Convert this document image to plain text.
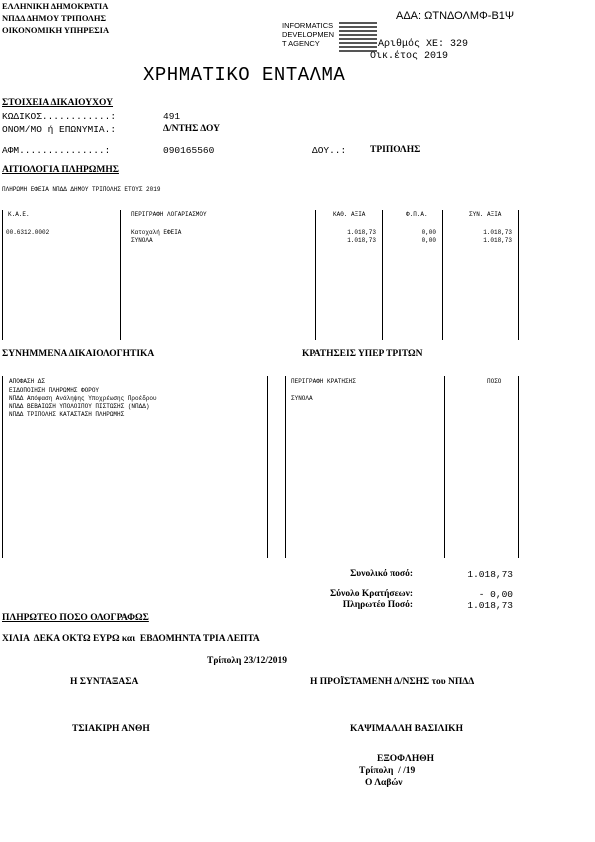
ΕΛΛΗΝΙΚΗ ΔΗΜΟΚΡΑΤΙΑ
ΝΠΔΔ ΔΗΜΟΥ ΤΡΙΠΟΛΗΣ
ΟΙΚΟΝΟΜΙΚΗ ΥΠΗΡΕΣΙΑ
ΑΔΑ: ΩΤΝΔΟΛΜΦ-Β1Ψ
INFORMATICS
DEVELOPMEN
T AGENCY	Αριθμός ΧΕ: 329
Οικ.έτος 2019
ΧΡΗΜΑΤΙΚΟ ΕΝΤΑΛΜΑ
ΣΤΟΙΧΕΙΑ ΔΙΚΑΙΟΥΧΟΥ
ΚΩΔΙΚΟΣ............:	491
ΟΝΟΜ/ΜΟ ή ΕΠΩΝΥΜΙΑ.:	Δ/ΝΤΗΣ ΔΟΥ
ΑΦΜ...............:	090165560	ΔΟΥ..:	ΤΡΙΠΟΛΗΣ
ΑΙΤΙΟΛΟΓΙΑ ΠΛΗΡΩΜΗΣ
ΠΛΗΡΩΜΗ ΕΦΕΙΑ ΝΠΔΔ ΔΗΜΟΥ ΤΡΙΠΟΛΗΣ ΕΤΟΥΣ 2019
Κ.Α.Ε.	ΠΕΡΙΓΡΑΦΗ ΛΟΓΑΡΙΑΣΜΟΥ	ΚΑΘ. ΑΞΙΑ	Φ.Π.Α.	ΣΥΝ. ΑΞΙΑ
00.6312.0002	Κατοχαλή ΕΦΕΙΑ	1.018,73	0,00	1.018,73
ΣΥΝΟΛΑ	1.018,73	0,00	1.018,73
ΣΥΝΗΜΜΕΝΑ ΔΙΚΑΙΟΛΟΓΗΤΙΚΑ	ΚΡΑΤΗΣΕΙΣ ΥΠΕΡ ΤΡΙΤΩΝ
ΑΠΟΦΑΣΗ ΔΣ
ΕΙΔΟΠΟΙΗΣΗ ΠΛΗΡΩΜΗΣ ΦΟΡΟΥ
ΝΠΔΔ Απόφαση Ανάληψης Υποχρέωσης Προέδρου
ΝΠΔΔ ΒΕΒΑΙΩΣΗ ΥΠΟΛΟΙΠΟΥ ΠΙΣΤΩΣΗΣ (ΝΠΔΔ)
ΝΠΔΔ ΤΡΙΠΟΛΗΣ ΚΑΤΑΣΤΑΣΗ ΠΛΗΡΩΜΗΣ
ΠΕΡΙΓΡΑΦΗ ΚΡΑΤΗΣΗΣ	ΠΟΣΟ
ΣΥΝΟΛΑ
Συνολικό ποσό:	1.018,73
Σύνολο Κρατήσεων:	- 0,00
Πληρωτέο Ποσό:	1.018,73
ΠΛΗΡΩΤΕΟ ΠΟΣΟ ΟΛΟΓΡΑΦΩΣ
ΧΙΛΙΑ  ΔΕΚΑ ΟΚΤΩ ΕΥΡΩ και  ΕΒΔΟΜΗΝΤΑ ΤΡΙΑ ΛΕΠΤΑ
Τρίπολη 23/12/2019
Η ΣΥΝΤΑΞΑΣΑ	Η ΠΡΟΪΣΤΑΜΕΝΗ Δ/ΝΣΗΣ του ΝΠΔΔ
ΤΣΙΑΚΙΡΗ ΑΝΘΗ	ΚΑΨΙΜΑΛΛΗ ΒΑΣΙΛΙΚΗ
ΕΞΟΦΛΗΘΗ
Τρίπολη  / /19
Ο Λαβών
